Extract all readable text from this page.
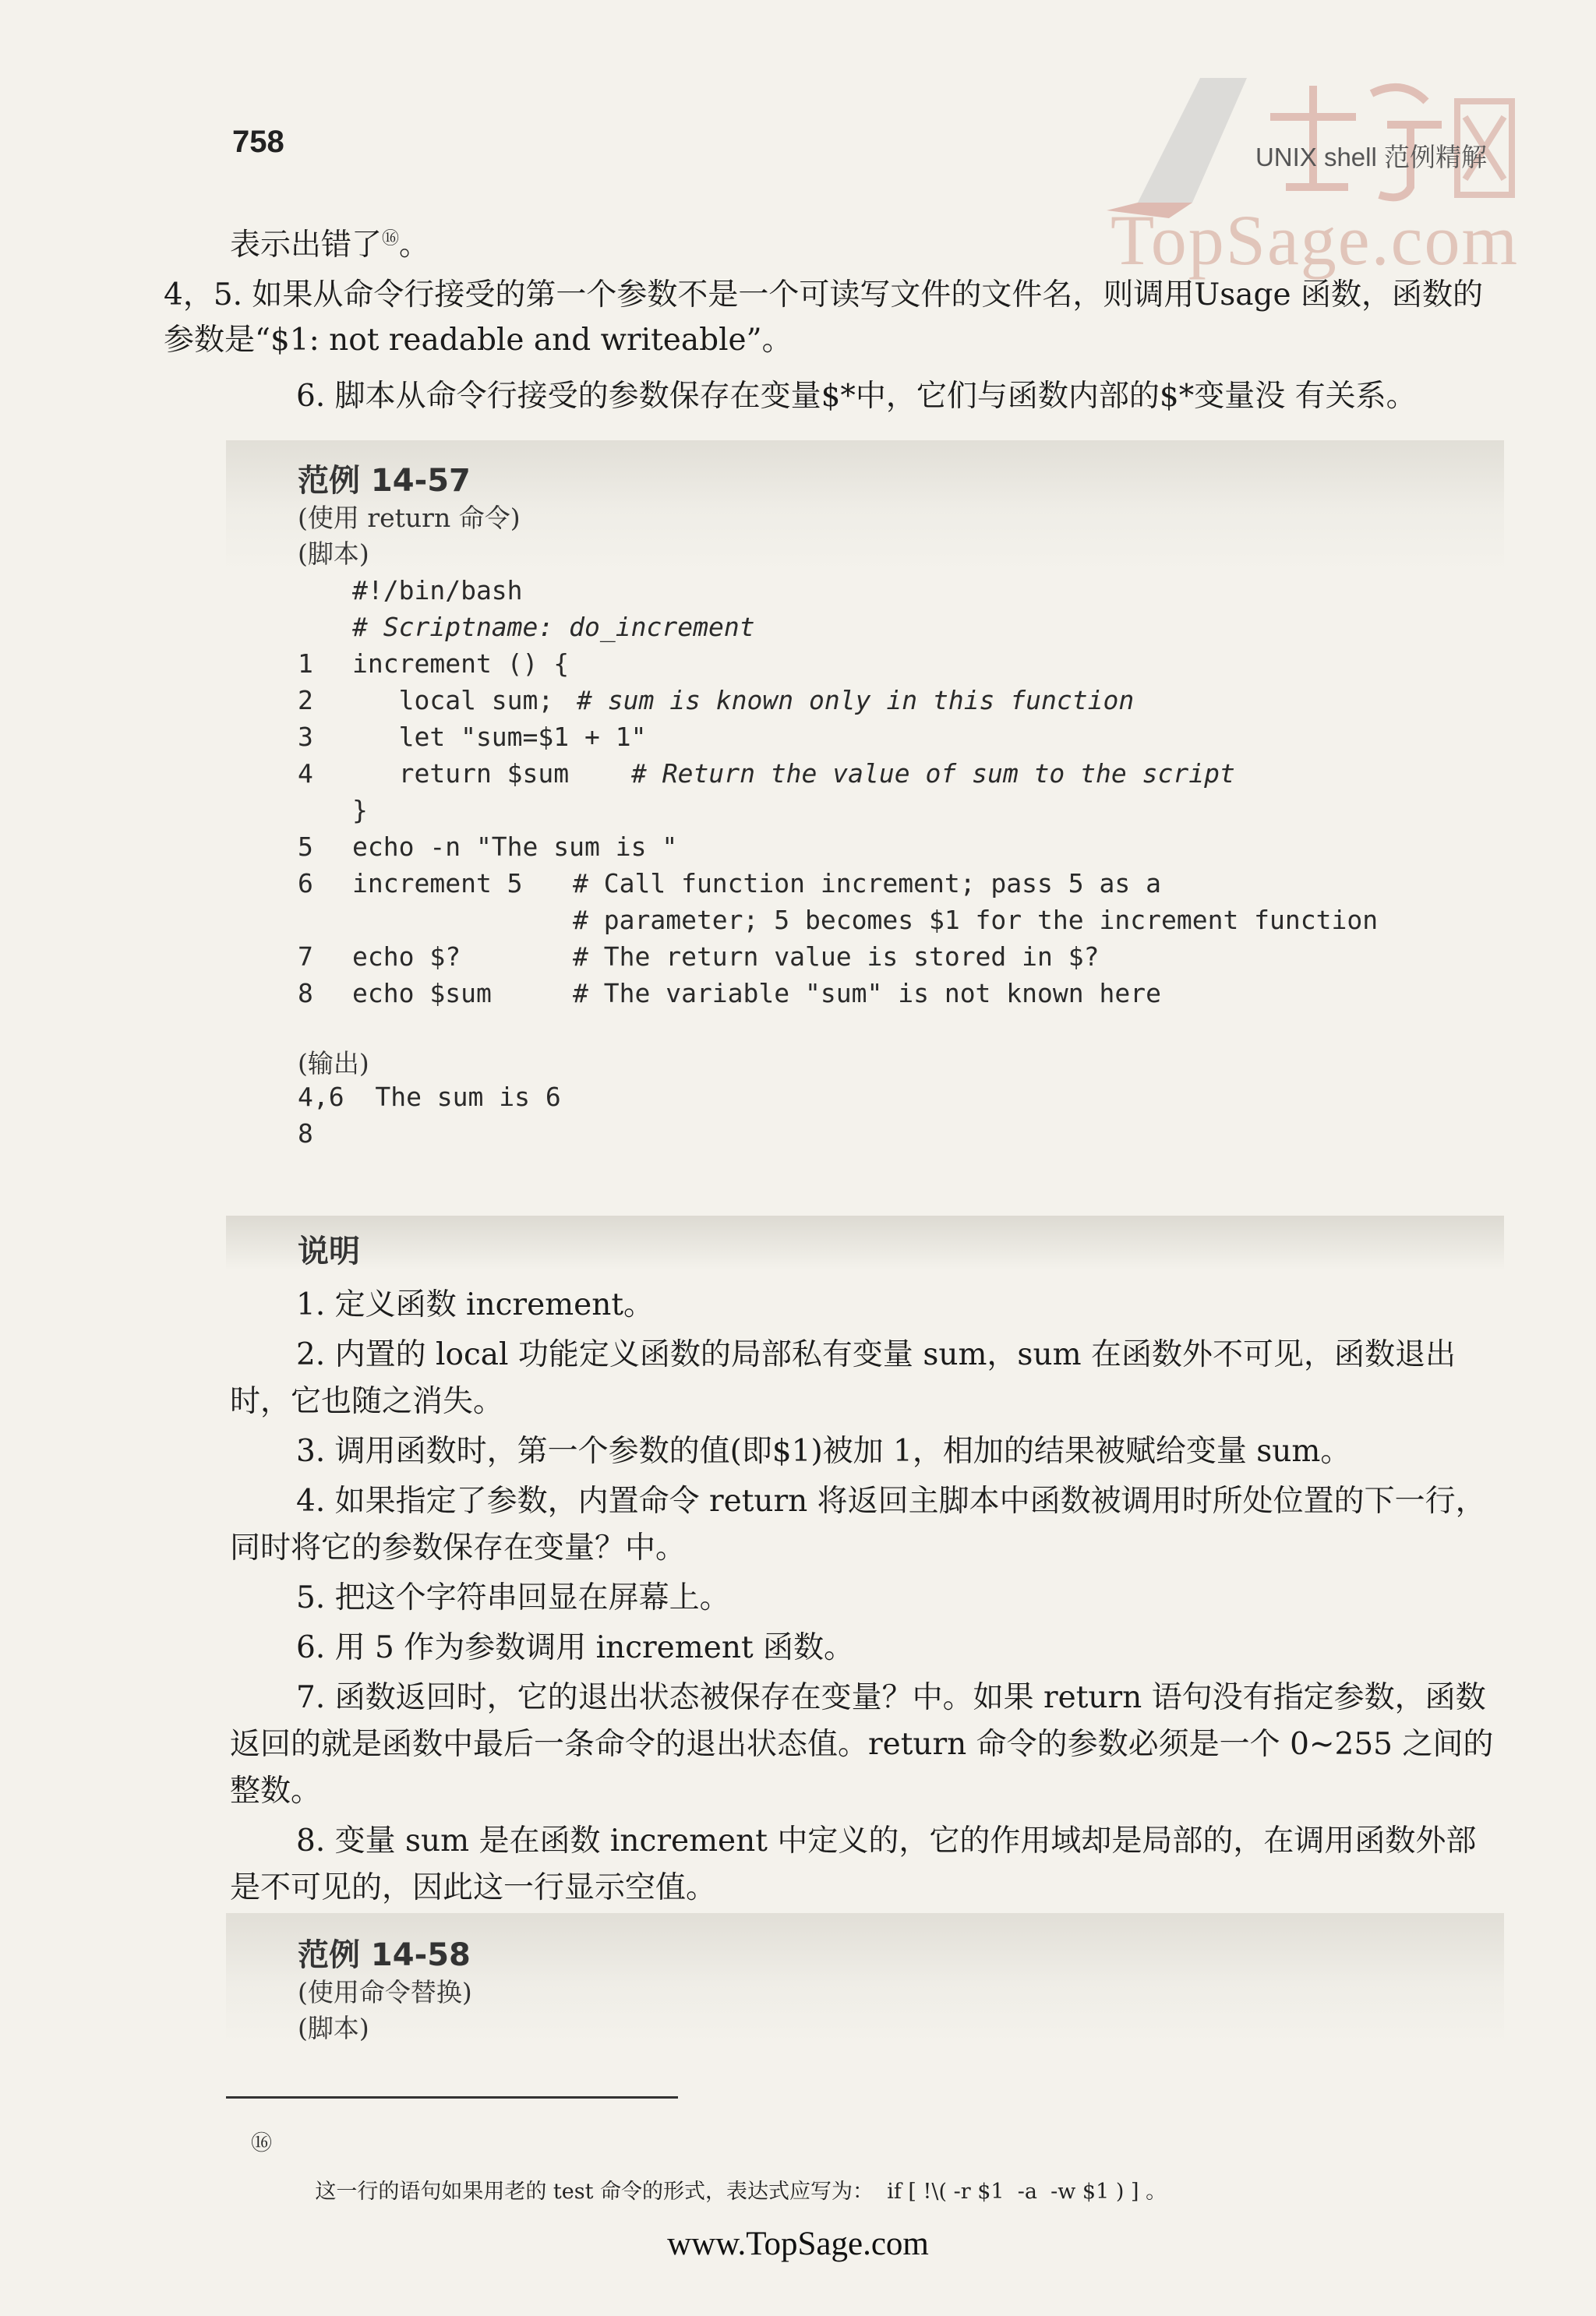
758
TopSage.com
UNIX shell 范例精解
表示出错了⑯。
4，5. 如果从命令行接受的第一个参数不是一个可读写文件的文件名，则调用Usage 函数，函数的参数是“$1: not readable and writeable”。
6. 脚本从命令行接受的参数保存在变量$*中，它们与函数内部的$*变量没 有关系。
范例 14-57
(使用 return 命令)
(脚本)
#!/bin/bash
# Scriptname: do_increment
1 increment () {
2 local sum; # sum is known only in this function
3 let "sum=$1 + 1"
4 return $sum # Return the value of sum to the script
}
5 echo -n "The sum is "
6 increment 5 # Call function increment; pass 5 as a
# parameter; 5 becomes $1 for the increment function
7 echo $?	# The return value is stored in $?
8 echo $sum	# The variable "sum" is not known here
(输出)
4,6  The sum is 6
8
说明
1. 定义函数 increment。
2. 内置的 local 功能定义函数的局部私有变量 sum，sum 在函数外不可见，函数退出时，它也随之消失。
3. 调用函数时，第一个参数的值(即$1)被加 1，相加的结果被赋给变量 sum。
4. 如果指定了参数，内置命令 return 将返回主脚本中函数被调用时所处位置的下一行，同时将它的参数保存在变量？中。
5. 把这个字符串回显在屏幕上。
6. 用 5 作为参数调用 increment 函数。
7. 函数返回时，它的退出状态被保存在变量？中。如果 return 语句没有指定参数，函数返回的就是函数中最后一条命令的退出状态值。return 命令的参数必须是一个 0~255 之间的整数。
8. 变量 sum 是在函数 increment 中定义的，它的作用域却是局部的，在调用函数外部是不可见的，因此这一行显示空值。
范例 14-58
(使用命令替换)
(脚本)

⑯

这一行的语句如果用老的 test 命令的形式，表达式应写为：  if [ !\( -r $1  -a  -w $1 ) ] 。

www.TopSage.com
